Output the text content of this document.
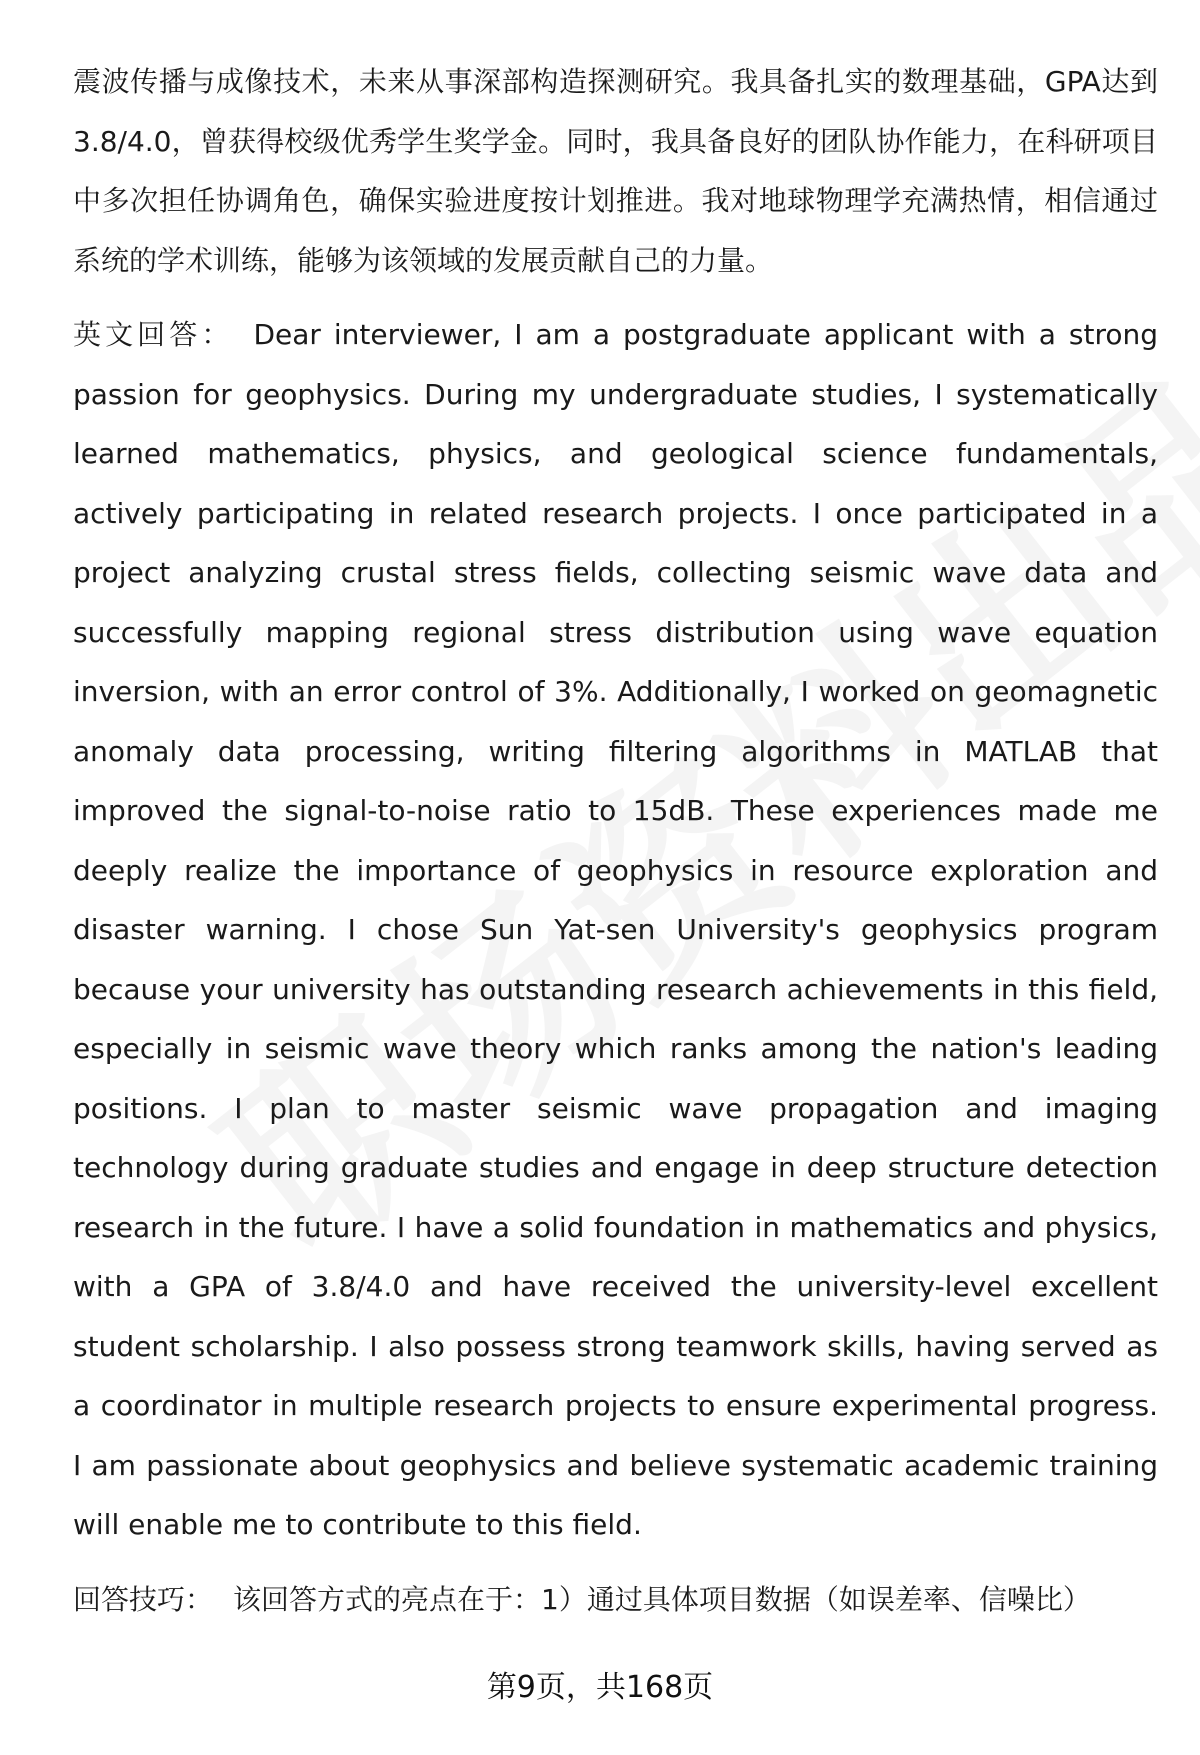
震波传播与成像技术，未来从事深部构造探测研究。我具备扎实的数理基础，GPA达到3.8/4.0，曾获得校级优秀学生奖学金。同时，我具备良好的团队协作能力，在科研项目中多次担任协调角色，确保实验进度按计划推进。我对地球物理学充满热情，相信通过系统的学术训练，能够为该领域的发展贡献自己的力量。

英文回答： Dear interviewer, I am a postgraduate applicant with a strong passion for geophysics. During my undergraduate studies, I systematically learned mathematics, physics, and geological science fundamentals, actively participating in related research projects. I once participated in a project analyzing crustal stress fields, collecting seismic wave data and successfully mapping regional stress distribution using wave equation inversion, with an error control of 3%. Additionally, I worked on geomagnetic anomaly data processing, writing filtering algorithms in MATLAB that improved the signal-to-noise ratio to 15dB. These experiences made me deeply realize the importance of geophysics in resource exploration and disaster warning. I chose Sun Yat-sen University's geophysics program because your university has outstanding research achievements in this field, especially in seismic wave theory which ranks among the nation's leading positions. I plan to master seismic wave propagation and imaging technology during graduate studies and engage in deep structure detection research in the future. I have a solid foundation in mathematics and physics, with a GPA of 3.8/4.0 and have received the university-level excellent student scholarship. I also possess strong teamwork skills, having served as a coordinator in multiple research projects to ensure experimental progress. I am passionate about geophysics and believe systematic academic training will enable me to contribute to this field.

回答技巧： 该回答方式的亮点在于：1）通过具体项目数据（如误差率、信噪比）

第9页，共168页
